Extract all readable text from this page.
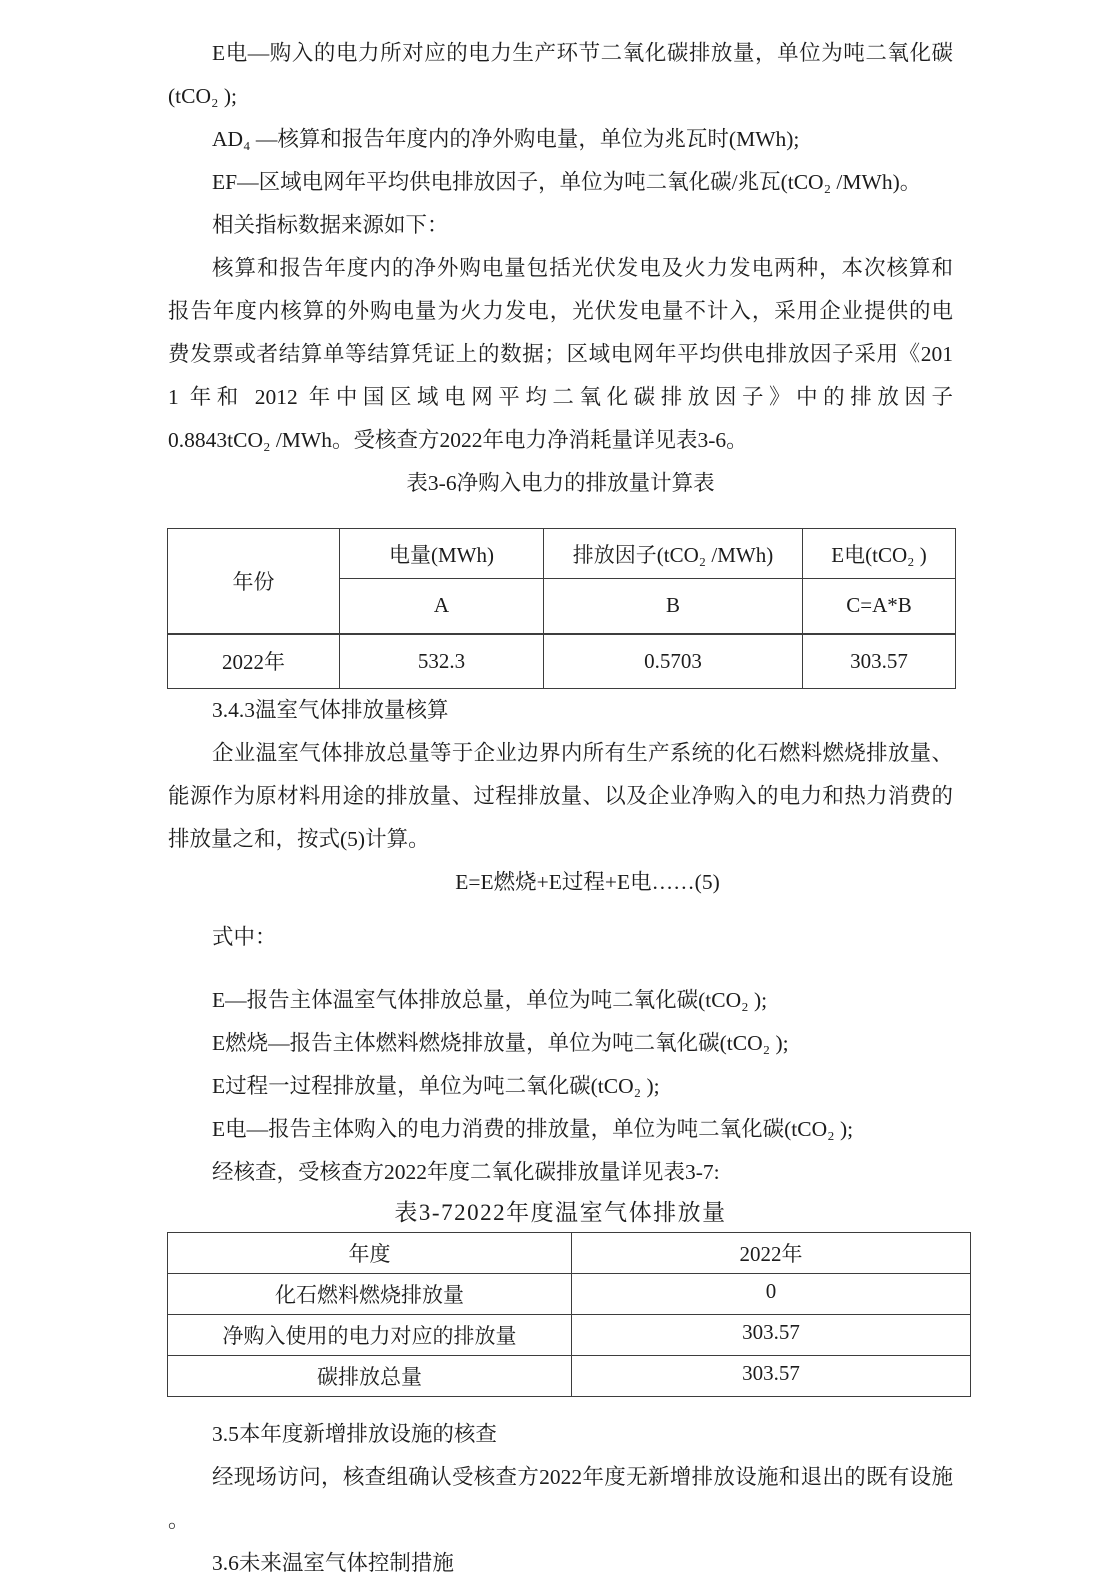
E电—购入的电力所对应的电力生产环节二氧化碳排放量，单位为吨二氧化碳
(tCO₂ );
AD₄ —核算和报告年度内的净外购电量，单位为兆瓦时(MWh);
EF—区域电网年平均供电排放因子，单位为吨二氧化碳/兆瓦(tCO₂ /MWh)。
相关指标数据来源如下：
核算和报告年度内的净外购电量包括光伏发电及火力发电两种，本次核算和
报告年度内核算的外购电量为火力发电，光伏发电量不计入，采用企业提供的电
费发票或者结算单等结算凭证上的数据；区域电网年平均供电排放因子采用《201
1 年和 2012 年中国区域电网平均二氧化碳排放因子》中的排放因子
0.8843tCO₂ /MWh。受核查方2022年电力净消耗量详见表3-6。
表3-6净购入电力的排放量计算表
年份	电量(MWh)	排放因子(tCO₂ /MWh)	E电(tCO₂ )
	A	B	C=A*B
2022年	532.3	0.5703	303.57
3.4.3温室气体排放量核算
企业温室气体排放总量等于企业边界内所有生产系统的化石燃料燃烧排放量、
能源作为原材料用途的排放量、过程排放量、以及企业净购入的电力和热力消费的
排放量之和，按式(5)计算。
E=E燃烧+E过程+E电……(5)
式中：
E—报告主体温室气体排放总量，单位为吨二氧化碳(tCO₂ );
E燃烧—报告主体燃料燃烧排放量，单位为吨二氧化碳(tCO₂ );
E过程一过程排放量，单位为吨二氧化碳(tCO₂ );
E电—报告主体购入的电力消费的排放量，单位为吨二氧化碳(tCO₂ );
经核查，受核查方2022年度二氧化碳排放量详见表3-7:
表3-72022年度温室气体排放量
年度	2022年
化石燃料燃烧排放量	0
净购入使用的电力对应的排放量	303.57
碳排放总量	303.57
3.5本年度新增排放设施的核查
经现场访问，核查组确认受核查方2022年度无新增排放设施和退出的既有设施
。
3.6未来温室气体控制措施
